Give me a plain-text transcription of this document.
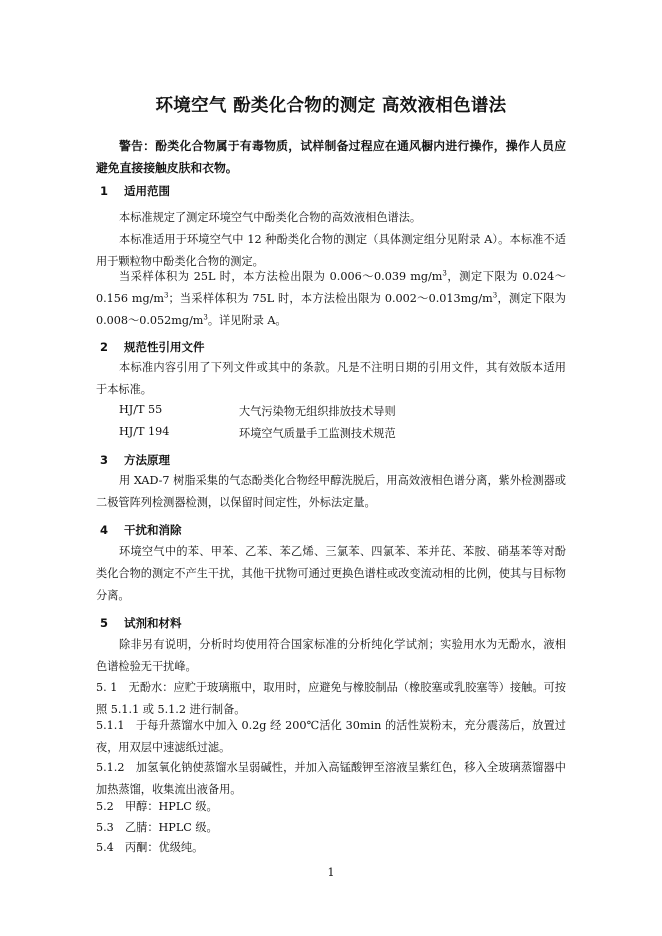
环境空气 酚类化合物的测定 高效液相色谱法
警告：酚类化合物属于有毒物质，试样制备过程应在通风橱内进行操作，操作人员应避免直接接触皮肤和衣物。
1 适用范围
本标准规定了测定环境空气中酚类化合物的高效液相色谱法。
本标准适用于环境空气中 12 种酚类化合物的测定（具体测定组分见附录 A）。本标准不适用于颗粒物中酚类化合物的测定。
当采样体积为 25L 时，本方法检出限为 0.006～0.039 $mg/m^3$，测定下限为 0.024～0.156 $mg/m^3$；当采样体积为 75L 时，本方法检出限为 $0.002\sim 0.013mg/m^3$，测定下限为 $0.008\sim 0.052mg/m^3$。详见附录 A。
2 规范性引用文件
本标准内容引用了下列文件或其中的条款。凡是不注明日期的引用文件，其有效版本适用于本标准。
HJ/T 55	大气污染物无组织排放技术导则
HJ/T 194	环境空气质量手工监测技术规范
3 方法原理
用 XAD-7 树脂采集的气态酚类化合物经甲醇洗脱后，用高效液相色谱分离，紫外检测器或二极管阵列检测器检测，以保留时间定性，外标法定量。
4 干扰和消除
环境空气中的苯、甲苯、乙苯、苯乙烯、三氯苯、四氯苯、苯并芘、苯胺、硝基苯等对酚类化合物的测定不产生干扰，其他干扰物可通过更换色谱柱或改变流动相的比例，使其与目标物分离。
5 试剂和材料
除非另有说明，分析时均使用符合国家标准的分析纯化学试剂；实验用水为无酚水，液相色谱检验无干扰峰。
5. 1　无酚水：应贮于玻璃瓶中，取用时，应避免与橡胶制品（橡胶塞或乳胶塞等）接触。可按照 5.1.1 或 5.1.2 进行制备。
5.1.1　于每升蒸馏水中加入 0.2g 经 200℃活化 30min 的活性炭粉末，充分震荡后，放置过夜，用双层中速滤纸过滤。
5.1.2　加氢氧化钠使蒸馏水呈弱碱性，并加入高锰酸钾至溶液呈紫红色，移入全玻璃蒸馏器中加热蒸馏，收集流出液备用。
5.2　甲醇：HPLC 级。
5.3　乙腈：HPLC 级。
5.4　丙酮：优级纯。
1
